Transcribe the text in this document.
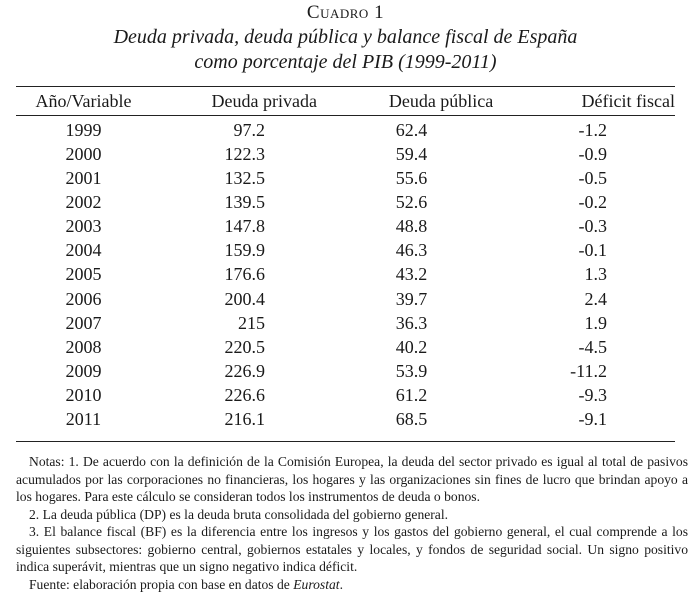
Cuadro 1
Deuda privada, deuda pública y balance fiscal de España
como porcentaje del PIB (1999-2011)
Año/Variable	Deuda privada	Deuda pública	Déficit fiscal
1999	97.2	62.4	-1.2
2000	122.3	59.4	-0.9
2001	132.5	55.6	-0.5
2002	139.5	52.6	-0.2
2003	147.8	48.8	-0.3
2004	159.9	46.3	-0.1
2005	176.6	43.2	1.3
2006	200.4	39.7	2.4
2007	215	36.3	1.9
2008	220.5	40.2	-4.5
2009	226.9	53.9	-11.2
2010	226.6	61.2	-9.3
2011	216.1	68.5	-9.1

Notas: 1. De acuerdo con la definición de la Comisión Europea, la deuda del sector privado es igual al total de pasivos acumulados por las corporaciones no financieras, los hogares y las organizaciones sin fines de lucro que brindan apoyo a los hogares. Para este cálculo se consideran todos los instrumentos de deuda o bonos.

2. La deuda pública (DP) es la deuda bruta consolidada del gobierno general.

3. El balance fiscal (BF) es la diferencia entre los ingresos y los gastos del gobierno general, el cual comprende a los siguientes subsectores: gobierno central, gobiernos estatales y locales, y fondos de seguridad social. Un signo positivo indica superávit, mientras que un signo negativo indica déficit.

Fuente: elaboración propia con base en datos de Eurostat.
